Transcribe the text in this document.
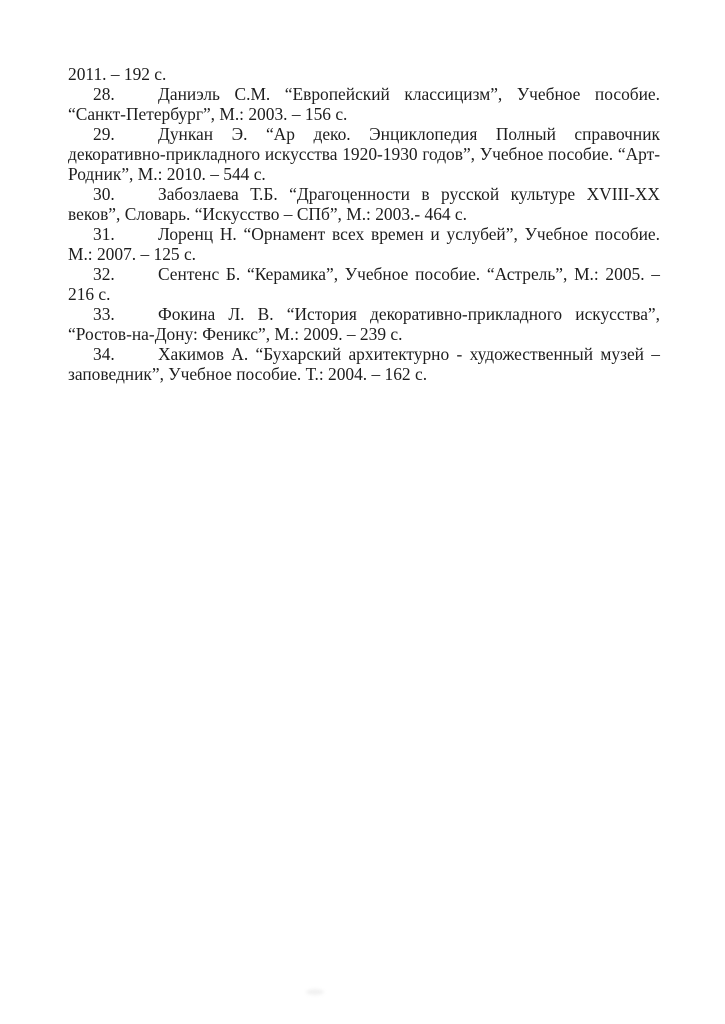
2011. – 192 с.

28. Даниэль С.М. “Европейский классицизм”, Учебное пособие. “Санкт-Петербург”, М.: 2003. – 156 с.

29. Дункан Э. “Ар деко. Энциклопедия Полный справочник декоративно-прикладного искусства 1920-1930 годов”, Учебное пособие. “Арт-Родник”, М.: 2010. – 544 с.

30. Забозлаева Т.Б. “Драгоценности в русской культуре XVIII-XX веков”, Словарь. “Искусство – СПб”, М.: 2003.- 464 с.

31. Лоренц Н. “Орнамент всех времен и услубей”, Учебное пособие. М.: 2007. – 125 с.

32. Сентенс Б. “Керамика”, Учебное пособие. “Астрель”, М.: 2005. – 216 с.

33. Фокина Л. В. “История декоративно-прикладного искусства”, “Ростов-на-Дону: Феникс”, М.: 2009. – 239 с.

34. Хакимов А. “Бухарский архитектурно - художественный музей – заповедник”, Учебное пособие. Т.: 2004. – 162 с.
